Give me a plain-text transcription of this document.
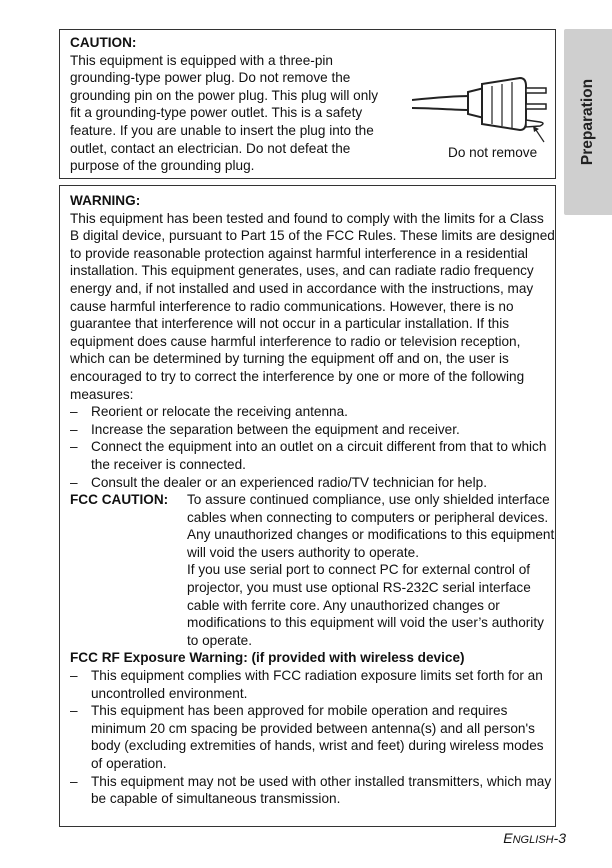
CAUTION:
This equipment is equipped with a three-pin
grounding-type power plug. Do not remove the
grounding pin on the power plug. This plug will only
fit a grounding-type power outlet. This is a safety
feature. If you are unable to insert the plug into the
outlet, contact an electrician. Do not defeat the
purpose of the grounding plug.
Do not remove
WARNING:

This equipment has been tested and found to comply with the limits for a Class B digital device, pursuant to Part 15 of the FCC Rules. These limits are designed to provide reasonable protection against harmful interference in a residential installation. This equipment generates, uses, and can radiate radio frequency energy and, if not installed and used in accordance with the instructions, may cause harmful interference to radio communications. However, there is no guarantee that interference will not occur in a particular installation. If this equipment does cause harmful interference to radio or television reception, which can be determined by turning the equipment off and on, the user is encouraged to try to correct the interference by one or more of the following measures:

– Reorient or relocate the receiving antenna.
– Increase the separation between the equipment and receiver.
– Connect the equipment into an outlet on a circuit different from that to which the receiver is connected.
– Consult the dealer or an experienced radio/TV technician for help.
FCC CAUTION:	To assure continued compliance, use only shielded interface cables when connecting to computers or peripheral devices.

Any unauthorized changes or modifications to this equipment will void the users authority to operate.

If you use serial port to connect PC for external control of projector, you must use optional RS-232C serial interface cable with ferrite core. Any unauthorized changes or modifications to this equipment will void the user’s authority to operate.

FCC RF Exposure Warning: (if provided with wireless device)
– This equipment complies with FCC radiation exposure limits set forth for an uncontrolled environment.
– This equipment has been approved for mobile operation and requires minimum 20 cm spacing be provided between antenna(s) and all person's body (excluding extremities of hands, wrist and feet) during wireless modes of operation.
– This equipment may not be used with other installed transmitters, which may be capable of simultaneous transmission.
Preparation
ENGLISH-3
